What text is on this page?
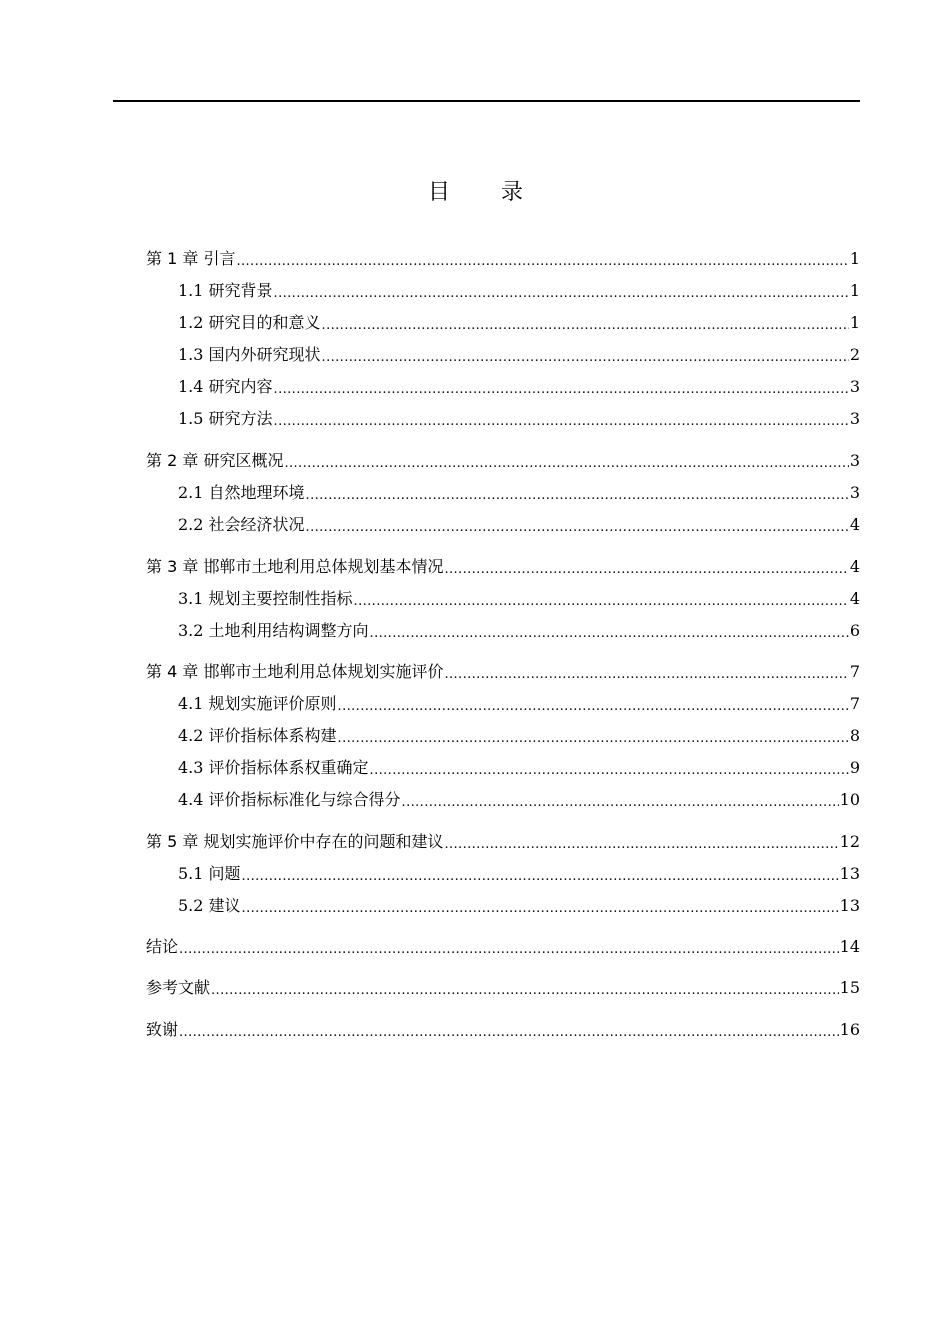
目 录
第 1 章 引言 .....	1
1.1 研究背景 .....	1
1.2 研究目的和意义 .....	1
1.3 国内外研究现状 .....	2
1.4 研究内容 .....	3
1.5 研究方法 .....	3
第 2 章 研究区概况 .....	3
2.1 自然地理环境 .....	3
2.2 社会经济状况 .....	4
第 3 章 邯郸市土地利用总体规划基本情况 .....	4
3.1 规划主要控制性指标 .....	4
3.2 土地利用结构调整方向 .....	6
第 4 章 邯郸市土地利用总体规划实施评价 .....	7
4.1 规划实施评价原则 .....	7
4.2 评价指标体系构建 .....	8
4.3 评价指标体系权重确定 .....	9
4.4 评价指标标准化与综合得分 .....	10
第 5 章 规划实施评价中存在的问题和建议 .....	12
5.1 问题 .....	13
5.2 建议 .....	13
结论 .....	14
参考文献 .....	15
致谢 .....	16
